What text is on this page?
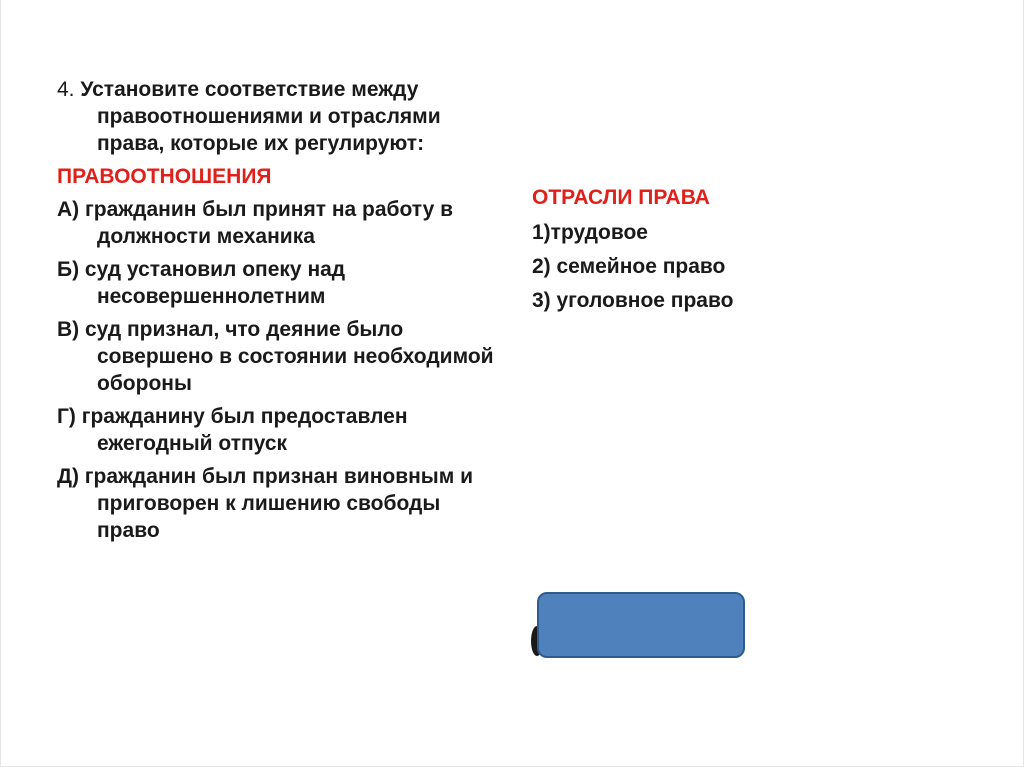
4. Установите соответствие между правоотношениями и отраслями права, которые их регулируют:
ПРАВООТНОШЕНИЯ
А) гражданин был принят на работу в должности механика
Б) суд установил опеку над несовершеннолетним
В) суд признал, что деяние было совершено в состоянии необходимой обороны
Г) гражданину был предоставлен ежегодный отпуск
Д) гражданин был признан виновным и приговорен к лишению свободы право
ОТРАСЛИ ПРАВА
1)трудовое
2) семейное право
3) уголовное право
